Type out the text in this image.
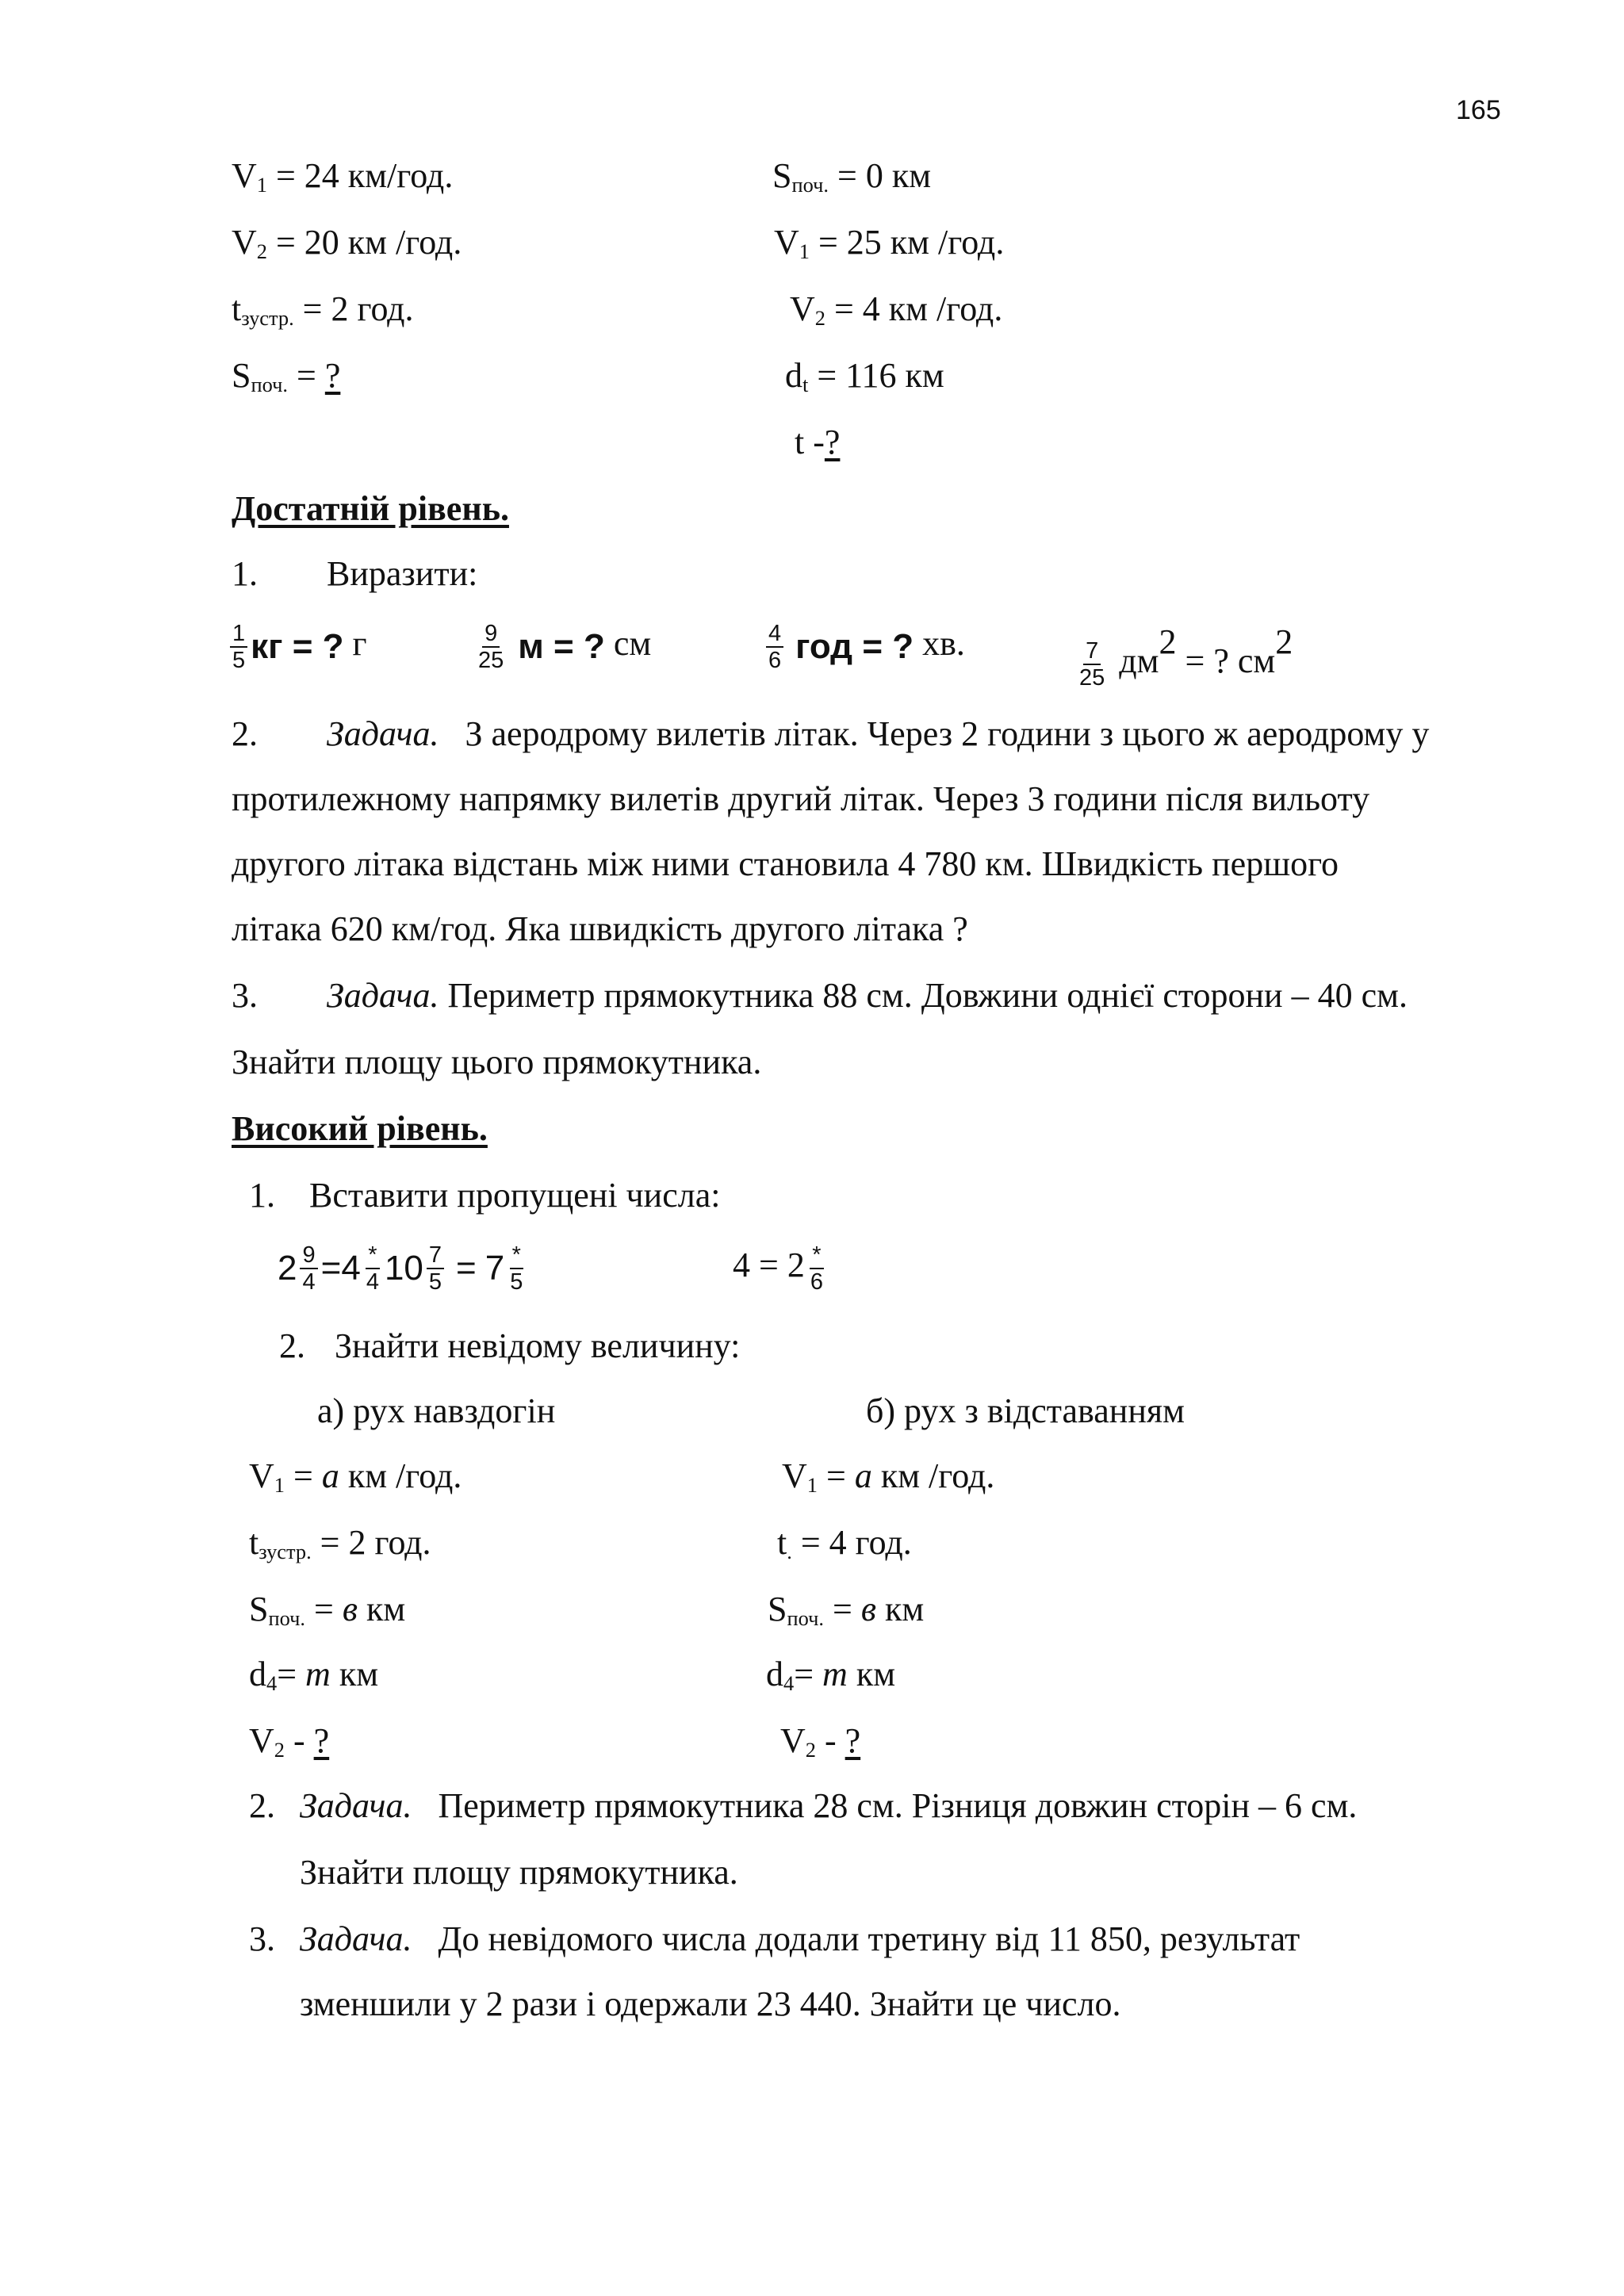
165
$V_1 = 24$ км/год.
$V_2 = 20$ км /год.
$t_{зустр.} = 2$ год.
$S_{поч.}$ = ?
$S_{поч.} = 0$ км
$V_1 = 25$ км /год.
$V_2 = 4$ км /год.
$d_t = 116$ км
t -?
Достатній рівень.
1. Виразити:
$\frac{1}{5}$ кг = ? г	$\frac{9}{25}$ м = ? см	$\frac{4}{6}$ год = ? хв.	$\frac{7}{25} дм^2$ = ? $см^2$
2. Задача. З аеродрому вилетів літак. Через 2 години з цього ж аеродрому у
протилежному напрямку вилетів другий літак. Через 3 години після вильоту
другого літака відстань між ними становила 4 780 км. Швидкість першого
літака 620 км/год. Яка швидкість другого літака ?
3. Задача. Периметр прямокутника 88 см. Довжини однієї сторони – 40 см.
Знайти площу цього прямокутника.
Високий рівень.
1. Вставити пропущені числа:
$2 \frac{9}{4} =4 \frac{*}{4} 10 \frac{7}{5} = 7 \frac{*}{5}$	$4 = 2 \frac{*}{6}$
2. Знайти невідому величину:
а) рух навздогін	б) рух з відставанням
$V_1 = а$ км /год.
$t_{зустр.} = 2$ год.
$S_{поч.} = в$ км
$d_4= т$ км
$V_2$ - ?
$V_1 = а$ км /год.
$t_. = 4$ год.
$S_{поч.} = в$ км
$d_4= т$ км
$V_2$ - ?
2. Задача. Периметр прямокутника 28 см. Різниця довжин сторін – 6 см.
Знайти площу прямокутника.
3. Задача. До невідомого числа додали третину від 11 850, результат
зменшили у 2 рази і одержали 23 440. Знайти це число.
